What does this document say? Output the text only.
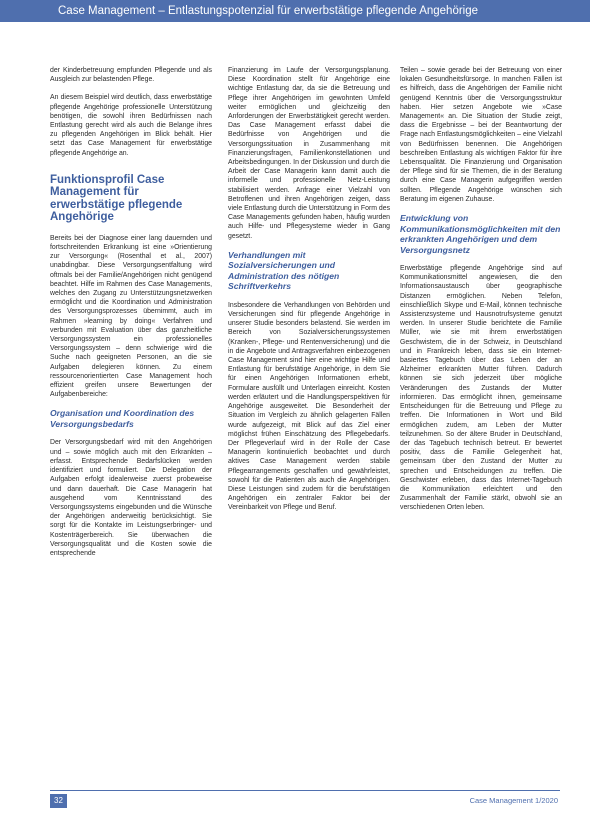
Case Management – Entlastungspotenzial für erwerbstätige pflegende Angehörige

der Kinderbetreuung empfunden Pflegende und als Ausgleich zur belastenden Pflege.

An diesem Beispiel wird deutlich, dass erwerbstätige pflegende Angehörige professionelle Unterstützung benötigen, die sowohl ihren Bedürfnissen nach Entlastung gerecht wird als auch die Belange ihres zu pflegenden Angehörigen im Blick behält. Hier setzt das Case Management für erwerbstätige pflegende Angehörige an.

Funktionsprofil Case Management für erwerbstätige pflegende Angehörige

Bereits bei der Diagnose einer lang dauernden und fortschreitenden Erkrankung ist eine »Orientierung zur Versorgung« (Rosenthal et al., 2007) unabdingbar. Diese Versorgungsentfaltung wird oftmals bei der Familie/Angehörigen nicht genügend beachtet. Hilfe im Rahmen des Case Managements, welches den Zugang zu Unterstützungsnetzwerken ermöglicht und die Koordination und Administration des Versorgungsprozesses übernimmt, auch im Rahmen »learning by doing« Verfahren und verbunden mit Evaluation über das ganzheitliche Versorgungssystem ein professionelles Versorgungssystem – denn schwierige wird die Suche nach geeigneten Personen, an die sie Aufgaben delegieren können. Zu einem ressourcenorientierten Case Management hoch effizient greifen unsere Bewertungen der Aufgabenbereiche:

Organisation und Koordination des Versorgungsbedarfs

Der Versorgungsbedarf wird mit den Angehörigen und – sowie möglich auch mit den Erkrankten – erfasst. Entsprechende Bedarfslücken werden identifiziert und formuliert. Die Delegation der Aufgaben erfolgt idealerweise zuerst probeweise und dann dauerhaft. Die Case Managerin hat ausgehend vom Kenntnisstand des Versorgungssystems eingebunden und die Wünsche der Angehörigen anderweitig berücksichtigt. Sie sorgt für die Kontakte im Leistungserbringer- und Kostenträgerbereich. Sie überwachen die Versorgungsqualität und die Kosten sowie die entsprechende

Finanzierung im Laufe der Versorgungsplanung. Diese Koordination stellt für Angehörige eine wichtige Entlastung dar, da sie die Betreuung und Pflege ihrer Angehörigen im gewohnten Umfeld weiter ermöglichen und gleichzeitig den Anforderungen der Erwerbstätigkeit gerecht werden. Das Case Management erfasst dabei die Bedürfnisse von Angehörigen und die Versorgungssituation in Zusammenhang mit Finanzierungsfragen, Familienkonstellationen und Arbeitsbedingungen. In der Diskussion und durch die Arbeit der Case Managerin kann damit auch die informelle und professionelle Netz-Leistung stabilisiert werden. Anfrage einer Vielzahl von Betroffenen und ihren Angehörigen zeigen, dass viele Entlastung durch die Unterstützung in Form des Case Managements gefunden haben, häufig wurden auch Hilfe- und Pflegesysteme wieder in Gang gesetzt.

Verhandlungen mit Sozialversicherungen und Administration des nötigen Schriftverkehrs

Insbesondere die Verhandlungen von Behörden und Versicherungen sind für pflegende Angehörige in unserer Studie besonders belastend. Sie werden im Bereich von Sozialversicherungssystemen (Kranken-, Pflege- und Rentenversicherung) und die in die Angebote und Antragsverfahren einbezogenen Case Management sind hier eine wichtige Hilfe und Entlastung für berufstätige Angehörige, in dem Sie für einen Angehörigen Informationen erhebt, Formulare ausfüllt und Unterlagen einreicht. Kosten werden erläutert und die Handlungsperspektiven für Angehörige ausgeweitet. Die Besonderheit der Situation im Vergleich zu ähnlich gelagerten Fällen wurde aufgezeigt, mit Blick auf das Ziel einer möglichst frühen Einschätzung des Pflegebedarfs. Der Pflegeverlauf wird in der Rolle der Case Managerin kontinuierlich beobachtet und durch aktives Case Management werden stabile Pflegearrangements geschaffen und gewährleistet, sowohl für die Patienten als auch die Angehörigen. Diese Leistungen sind zudem für die berufstätigen Angehörigen ein zentraler Faktor bei der Vereinbarkeit von Pflege und Beruf.

Teilen – sowie gerade bei der Betreuung von einer lokalen Gesundheitsfürsorge. In manchen Fällen ist es hilfreich, dass die Angehörigen der Familie nicht genügend Kenntnis über die Versorgungsstruktur haben. Hier setzen Angebote wie »Case Management« an. Die Situation der Studie zeigt, dass die Ergebnisse – bei der Beantwortung der Frage nach Entlastungsmöglichkeiten – eine Vielzahl von Bedürfnissen benennen. Die Angehörigen beschreiben Entlastung als wichtigen Faktor für ihre Lebensqualität. Die Finanzierung und Organisation der Pflege sind für sie Themen, die in der Beratung durch eine Case Managerin aufgegriffen werden sollten. Pflegende Angehörige wünschen sich Beratung im eigenen Zuhause.

Entwicklung von Kommunikationsmöglichkeiten mit den erkrankten Angehörigen und dem Versorgungsnetz

Erwerbstätige pflegende Angehörige sind auf Kommunikationsmittel angewiesen, die den Informationsaustausch über geographische Distanzen ermöglichen. Neben Telefon, einschließlich Skype und E-Mail, können technische Assistenzsysteme und Hausnotrufsysteme genutzt werden. In unserer Studie berichtete die Familie Müller, wie sie mit ihrem erwerbstätigen Geschwistern, die in der Schweiz, in Deutschland und in Frankreich leben, dass sie ein Internet-basiertes Tagebuch über das Leben der an Alzheimer erkrankten Mutter führen. Dadurch können sie sich jederzeit über mögliche Veränderungen des Zustands der Mutter informieren. Das ermöglicht ihnen, gemeinsame Entscheidungen für die Betreuung und Pflege zu treffen. Die Informationen in Wort und Bild ermöglichen zudem, am Leben der Mutter teilzunehmen. So der ältere Bruder in Deutschland, der das Tagebuch technisch betreut. Er bewertet positiv, dass die Familie Gelegenheit hat, gemeinsam über den Zustand der Mutter zu sprechen und Entscheidungen zu treffen. Die Geschwister erleben, dass das Internet-Tagebuch die Kommunikation erleichtert und den Zusammenhalt der Familie stärkt, obwohl sie an verschiedenen Orten leben.

32	Case Management 1/2020
